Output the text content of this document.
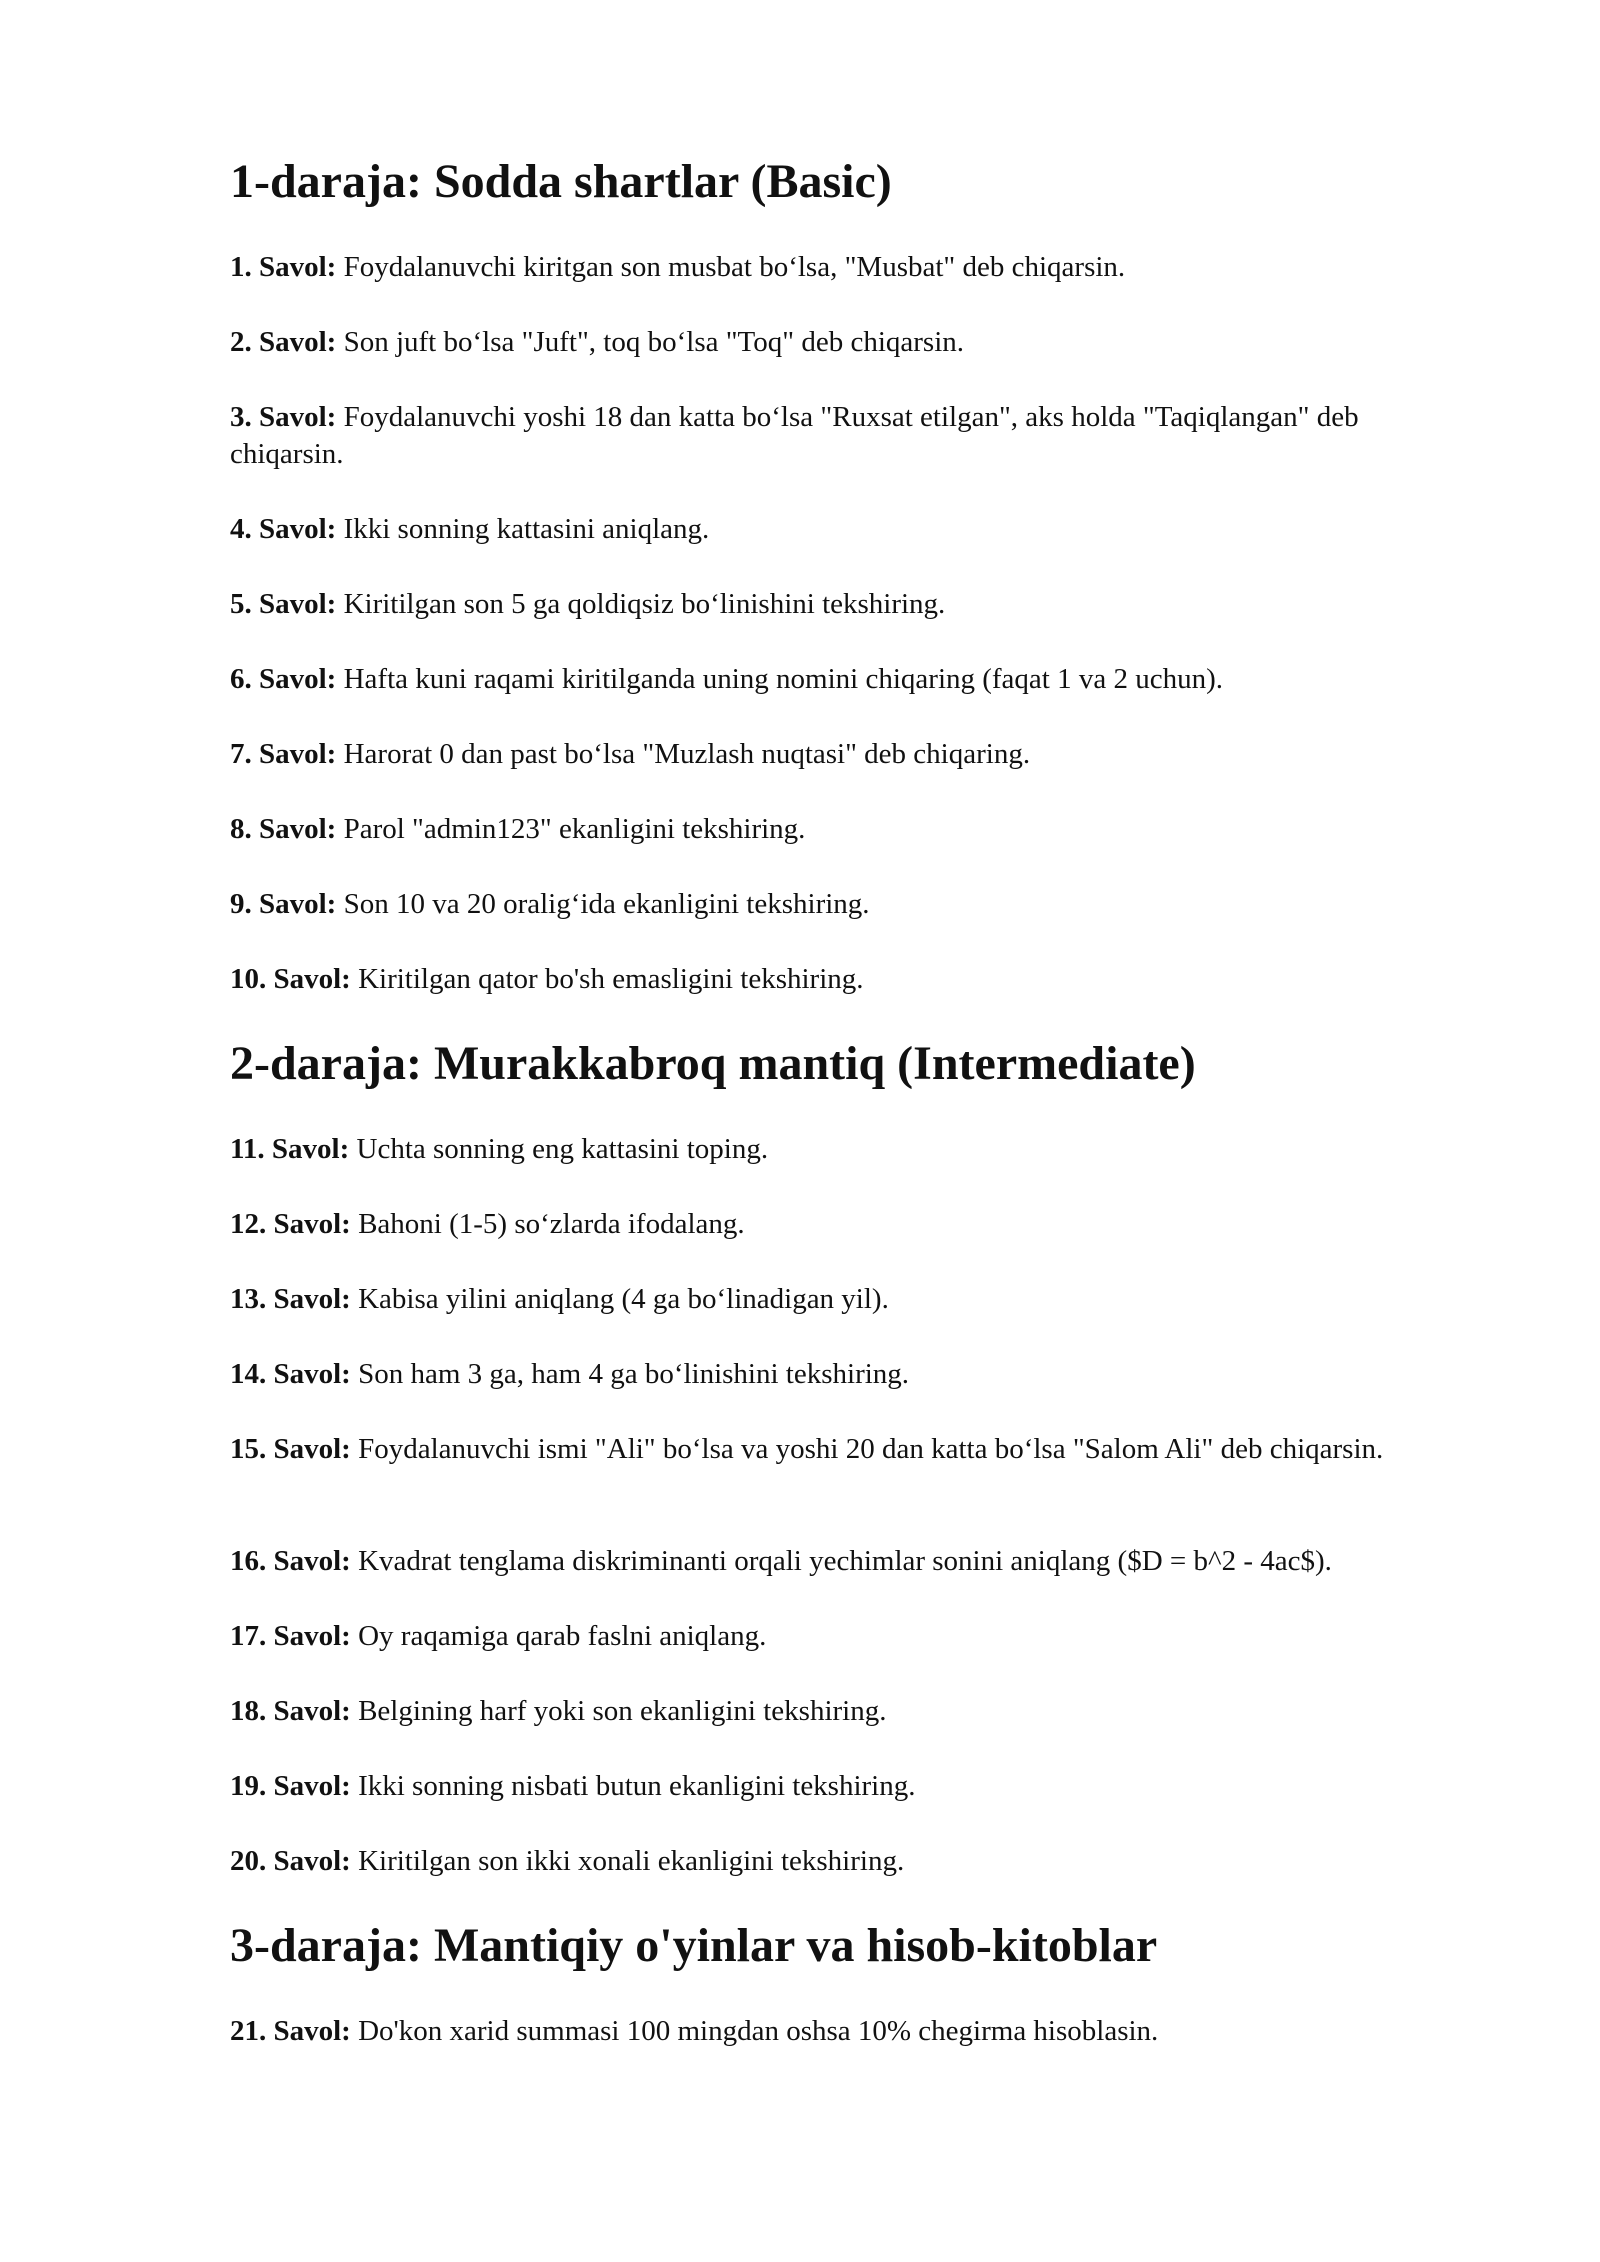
1-daraja: Sodda shartlar (Basic)

1. Savol: Foydalanuvchi kiritgan son musbat bo‘lsa, "Musbat" deb chiqarsin.

2. Savol: Son juft bo‘lsa "Juft", toq bo‘lsa "Toq" deb chiqarsin.

3. Savol: Foydalanuvchi yoshi 18 dan katta bo‘lsa "Ruxsat etilgan", aks holda "Taqiqlangan" deb chiqarsin.

4. Savol: Ikki sonning kattasini aniqlang.

5. Savol: Kiritilgan son 5 ga qoldiqsiz bo‘linishini tekshiring.

6. Savol: Hafta kuni raqami kiritilganda uning nomini chiqaring (faqat 1 va 2 uchun).

7. Savol: Harorat 0 dan past bo‘lsa "Muzlash nuqtasi" deb chiqaring.

8. Savol: Parol "admin123" ekanligini tekshiring.

9. Savol: Son 10 va 20 oralig‘ida ekanligini tekshiring.

10. Savol: Kiritilgan qator bo'sh emasligini tekshiring.

2-daraja: Murakkabroq mantiq (Intermediate)

11. Savol: Uchta sonning eng kattasini toping.

12. Savol: Bahoni (1-5) so‘zlarda ifodalang.

13. Savol: Kabisa yilini aniqlang (4 ga bo‘linadigan yil).

14. Savol: Son ham 3 ga, ham 4 ga bo‘linishini tekshiring.

15. Savol: Foydalanuvchi ismi "Ali" bo‘lsa va yoshi 20 dan katta bo‘lsa "Salom Ali" deb chiqarsin.

16. Savol: Kvadrat tenglama diskriminanti orqali yechimlar sonini aniqlang ($D = b^2 - 4ac$).

17. Savol: Oy raqamiga qarab faslni aniqlang.

18. Savol: Belgining harf yoki son ekanligini tekshiring.

19. Savol: Ikki sonning nisbati butun ekanligini tekshiring.

20. Savol: Kiritilgan son ikki xonali ekanligini tekshiring.

3-daraja: Mantiqiy o'yinlar va hisob-kitoblar

21. Savol: Do'kon xarid summasi 100 mingdan oshsa 10% chegirma hisoblasin.
